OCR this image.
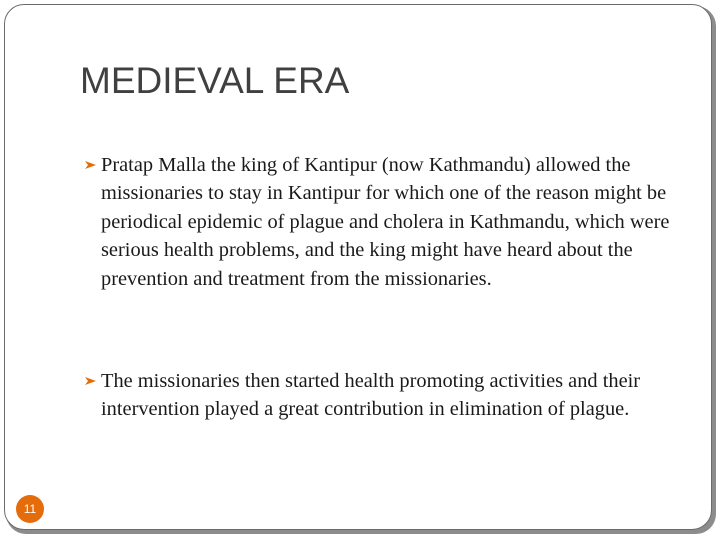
MEDIEVAL ERA
Pratap Malla the king of Kantipur (now Kathmandu) allowed the missionaries to stay in Kantipur for which one of the reason might be periodical epidemic of plague and cholera in Kathmandu, which were serious health problems, and the king might have heard about the prevention and treatment from the missionaries.
The missionaries then started health promoting activities and their intervention played a great contribution in elimination of plague.
11
